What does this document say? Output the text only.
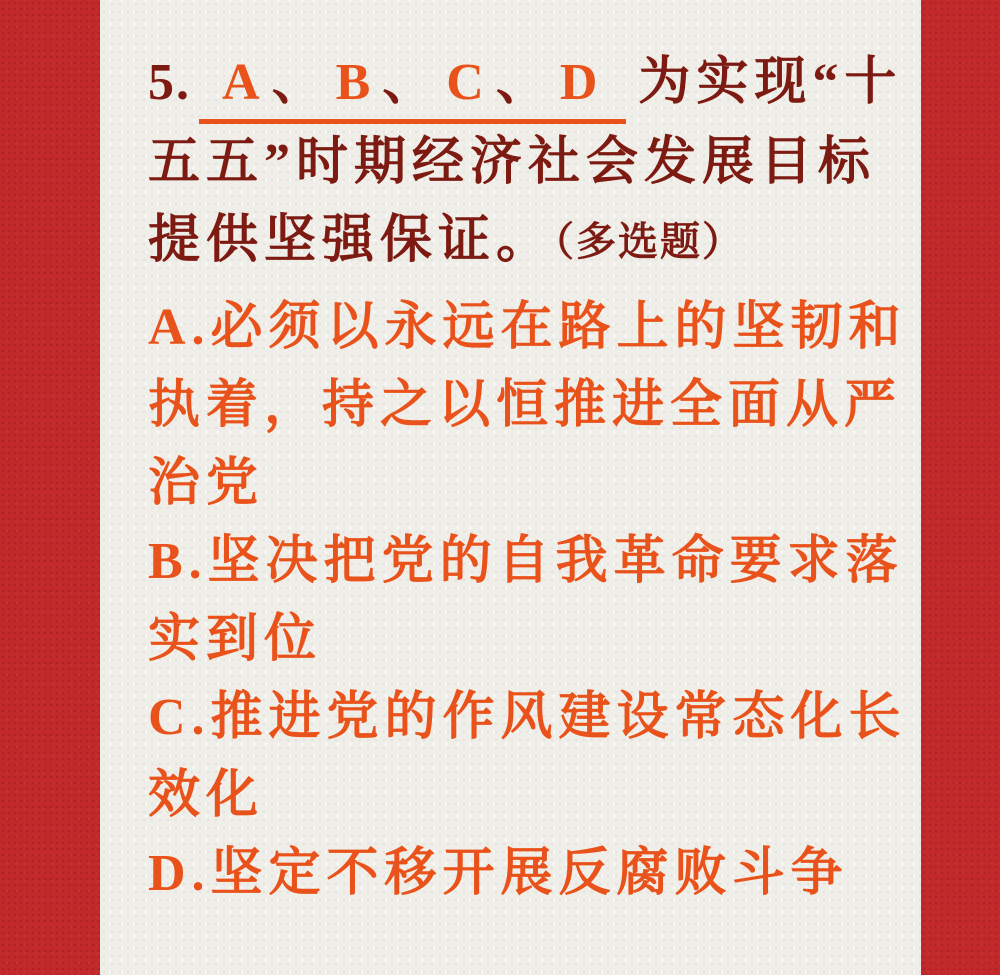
5. A 、 B 、 C 、 D 为实现“十
五五”时期经济社会发展目标
提供坚强保证。（多选题）
A.必须以永远在路上的坚韧和
执着，持之以恒推进全面从严
治党
B.坚决把党的自我革命要求落
实到位
C.推进党的作风建设常态化长
效化
D.坚定不移开展反腐败斗争
